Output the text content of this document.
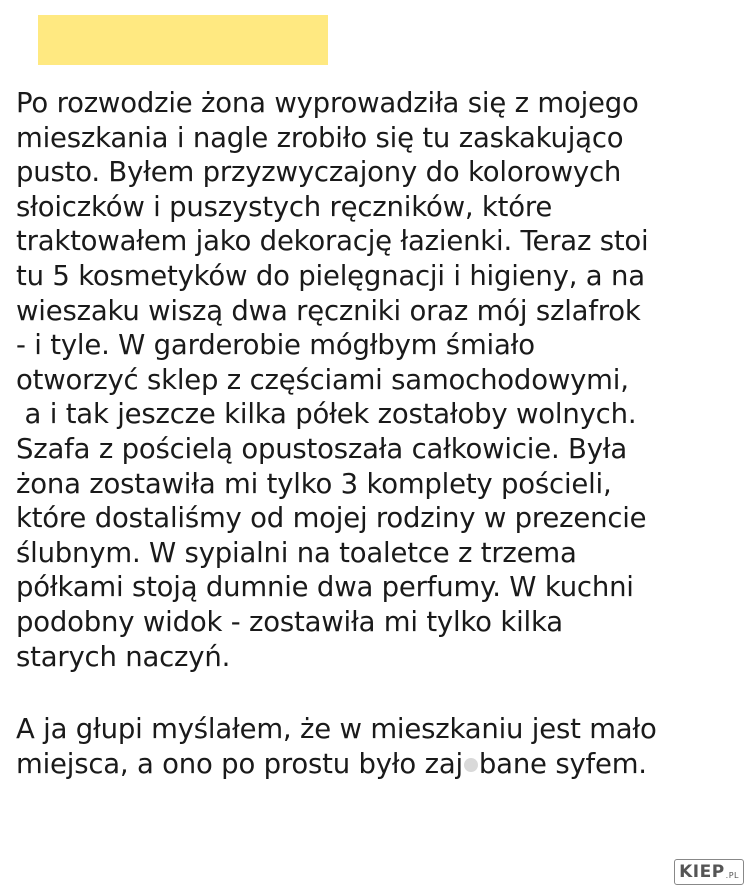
Po rozwodzie żona wyprowadziła się z mojego
mieszkania i nagle zrobiło się tu zaskakująco
pusto. Byłem przyzwyczajony do kolorowych
słoiczków i puszystych ręczników, które
traktowałem jako dekorację łazienki. Teraz stoi
tu 5 kosmetyków do pielęgnacji i higieny, a na
wieszaku wiszą dwa ręczniki oraz mój szlafrok
- i tyle. W garderobie mógłbym śmiało
otworzyć sklep z częściami samochodowymi,
a i tak jeszcze kilka półek zostałoby wolnych.
Szafa z pościelą opustoszała całkowicie. Była
żona zostawiła mi tylko 3 komplety pościeli,
które dostaliśmy od mojej rodziny w prezencie
ślubnym. W sypialni na toaletce z trzema
półkami stoją dumnie dwa perfumy. W kuchni
podobny widok - zostawiła mi tylko kilka
starych naczyń.
A ja głupi myślałem, że w mieszkaniu jest mało
miejsca, a ono po prostu było zaj bane syfem.
KIEP .PL
